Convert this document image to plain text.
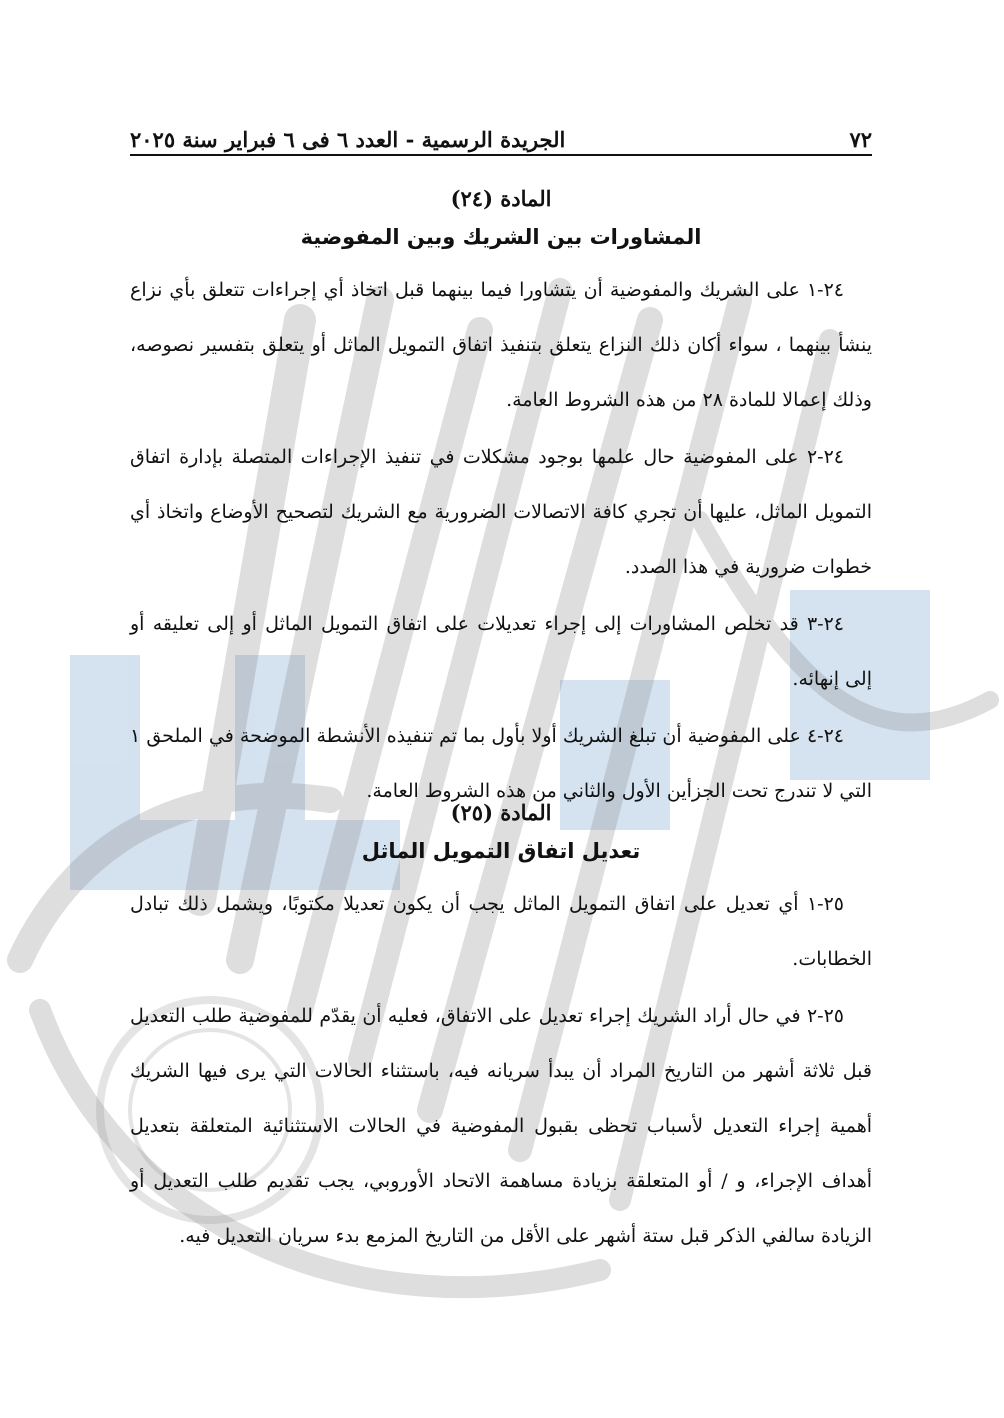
٧٢
الجريدة الرسمية - العدد ٦ فى ٦ فبراير سنة ٢٠٢٥

المادة (٢٤)

المشاورات بين الشريك وبين المفوضية

٢٤-١ على الشريك والمفوضية أن يتشاورا فيما بينهما قبل اتخاذ أي إجراءات تتعلق بأي نزاع ينشأ بينهما ، سواء أكان ذلك النزاع يتعلق بتنفيذ اتفاق التمويل الماثل أو يتعلق بتفسير نصوصه، وذلك إعمالا للمادة ٢٨ من هذه الشروط العامة.

٢٤-٢ على المفوضية حال علمها بوجود مشكلات في تنفيذ الإجراءات المتصلة بإدارة اتفاق التمويل الماثل، عليها أن تجري كافة الاتصالات الضرورية مع الشريك لتصحيح الأوضاع واتخاذ أي خطوات ضرورية في هذا الصدد.

٢٤-٣ قد تخلص المشاورات إلى إجراء تعديلات على اتفاق التمويل الماثل أو إلى تعليقه أو إلى إنهائه.

٢٤-٤ على المفوضية أن تبلغ الشريك أولا بأول بما تم تنفيذه الأنشطة الموضحة في الملحق ١ التي لا تندرج تحت الجزأين الأول والثاني من هذه الشروط العامة.

المادة (٢٥)

تعديل اتفاق التمويل الماثل

٢٥-١ أي تعديل على اتفاق التمويل الماثل يجب أن يكون تعديلا مكتوبًا، ويشمل ذلك تبادل الخطابات.

٢٥-٢ في حال أراد الشريك إجراء تعديل على الاتفاق، فعليه أن يقدّم للمفوضية طلب التعديل قبل ثلاثة أشهر من التاريخ المراد أن يبدأ سريانه فيه، باستثناء الحالات التي يرى فيها الشريك أهمية إجراء التعديل لأسباب تحظى بقبول المفوضية في الحالات الاستثنائية المتعلقة بتعديل أهداف الإجراء، و / أو المتعلقة بزيادة مساهمة الاتحاد الأوروبي، يجب تقديم طلب التعديل أو الزيادة سالفي الذكر قبل ستة أشهر على الأقل من التاريخ المزمع بدء سريان التعديل فيه.
